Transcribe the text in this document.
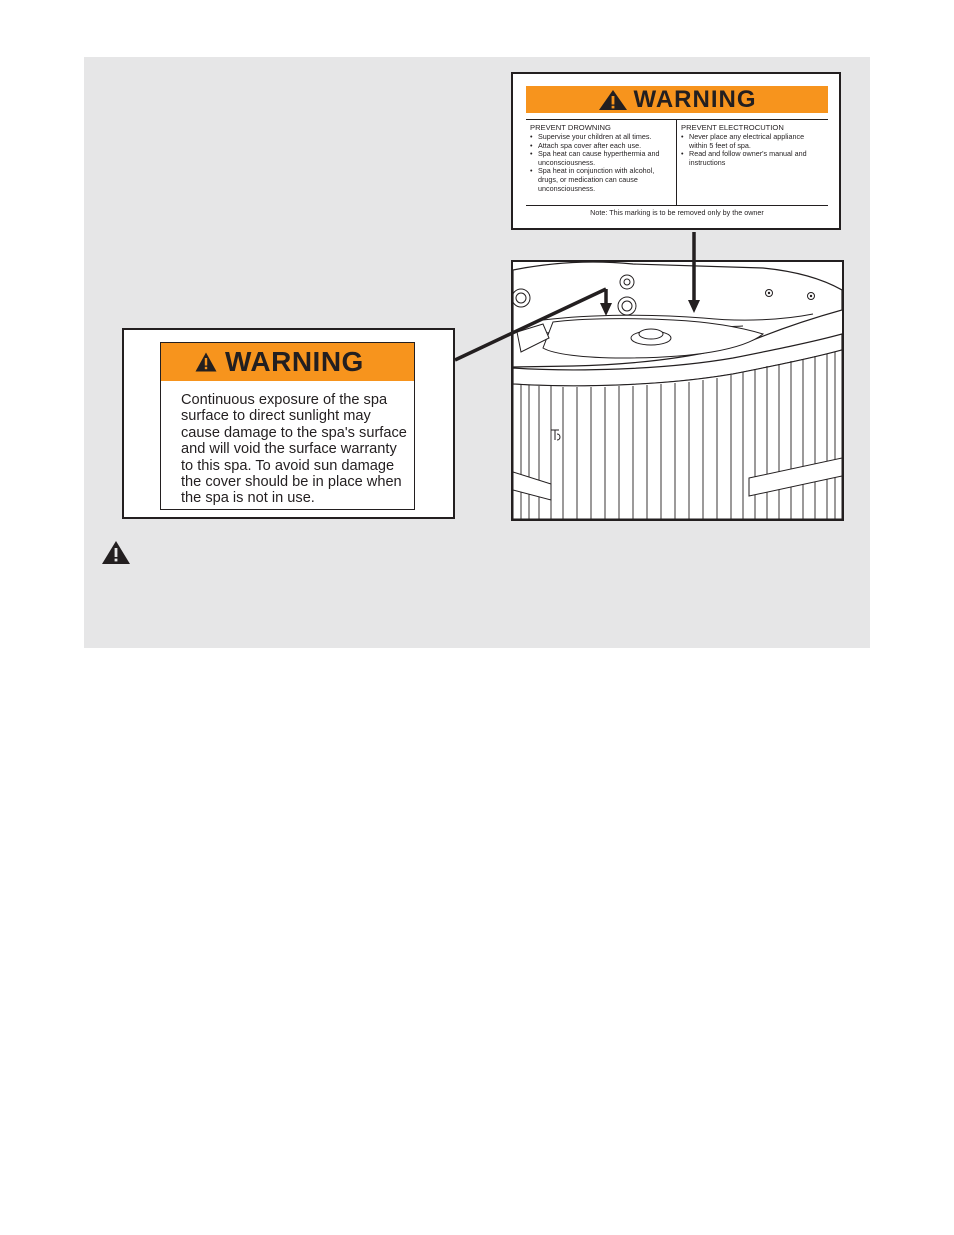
WARNING
PREVENT DROWNING
• Supervise your children at all times.
• Attach spa cover after each use.
• Spa heat can cause hyperthermia and unconsciousness.
• Spa heat in conjunction with alcohol, drugs, or medication can cause unconsciousness.
PREVENT ELECTROCUTION
• Never place any electrical appliance within 5 feet of spa.
• Read and follow owner's manual and instructions
Note: This marking is to be removed only by the owner
WARNING
Continuous exposure of the spa surface to direct sunlight may cause damage to the spa's surface and will void the surface warranty to this spa. To avoid sun damage the cover should be in place when the spa is not in use.
